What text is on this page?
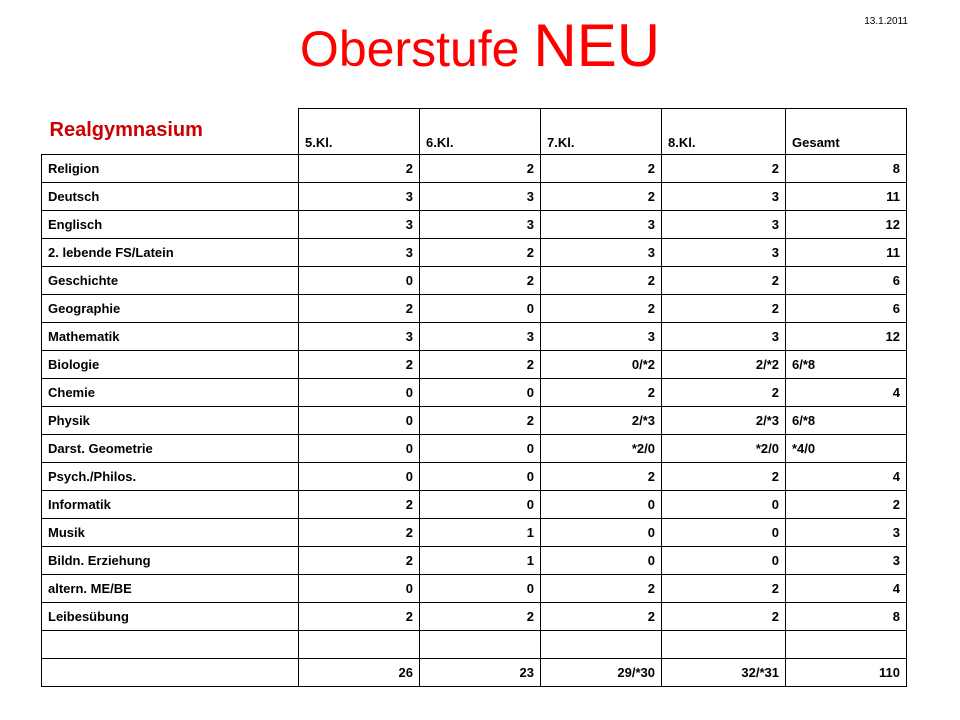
Oberstufe NEU	13.1.2011
Realgymnasium	5.Kl.	6.Kl.	7.Kl.	8.Kl.	Gesamt
Religion	2	2	2	2	8
Deutsch	3	3	2	3	11
Englisch	3	3	3	3	12
2. lebende FS/Latein	3	2	3	3	11
Geschichte	0	2	2	2	6
Geographie	2	0	2	2	6
Mathematik	3	3	3	3	12
Biologie	2	2	0/*2	2/*2	6/*8
Chemie	0	0	2	2	4
Physik	0	2	2/*3	2/*3	6/*8
Darst. Geometrie	0	0	*2/0	*2/0	*4/0
Psych./Philos.	0	0	2	2	4
Informatik	2	0	0	0	2
Musik	2	1	0	0	3
Bildn. Erziehung	2	1	0	0	3
altern. ME/BE	0	0	2	2	4
Leibesübung	2	2	2	2	8

	26	23	29/*30	32/*31	110
